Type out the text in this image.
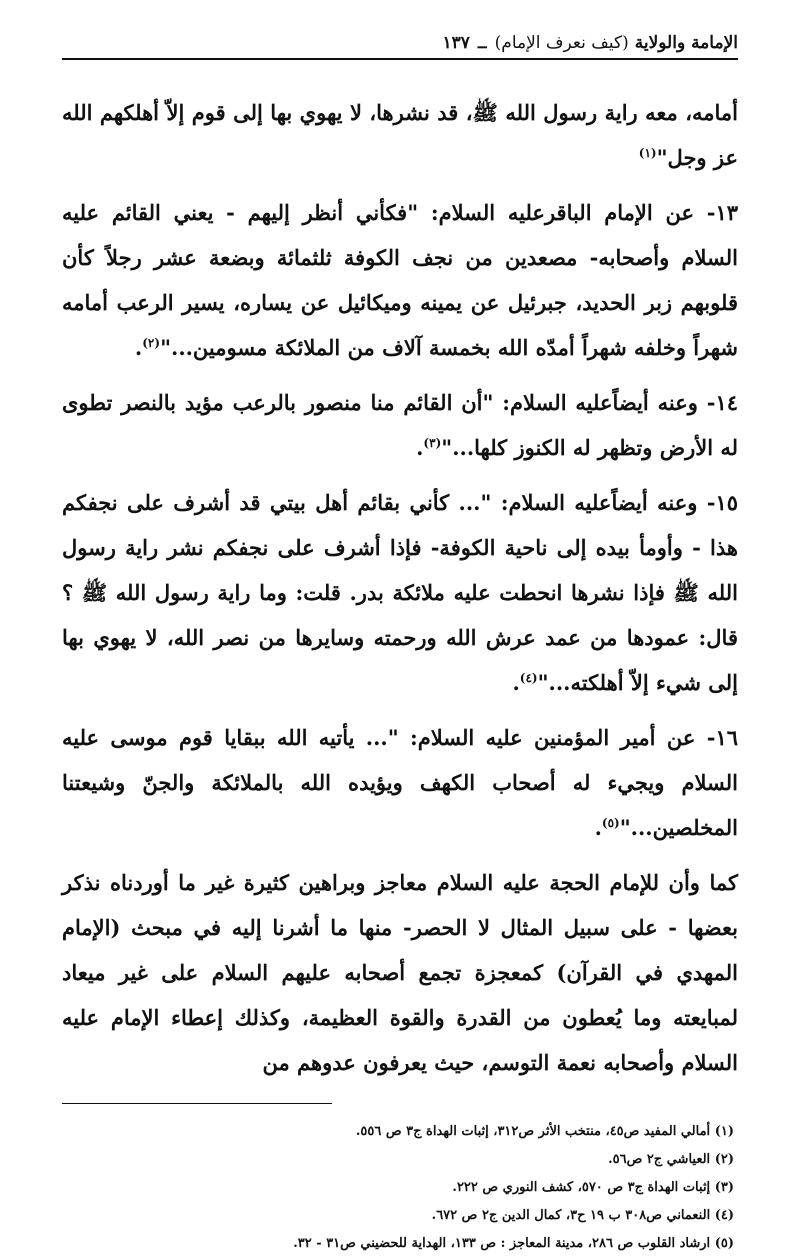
الإمامة والولاية
(كيف نعرف الإمام)
ــ
١٣٧

أمامه، معه راية رسول الله ﷺ، قد نشرها، لا يهوي بها إلى قوم إلاّ أهلكهم الله عز وجل"$^{(١)}$

١٣- عن الإمام الباقرعليه السلام: "فكأني أنظر إليهم - يعني القائم عليه السلام وأصحابه- مصعدين من نجف الكوفة ثلثمائة وبضعة عشر رجلاً كأن قلوبهم زبر الحديد، جبرئيل عن يمينه وميكائيل عن يساره، يسير الرعب أمامه شهراً وخلفه شهراً أمدّه الله بخمسة آلاف من الملائكة مسومين..."$^{(٢)}$.

١٤- وعنه أيضاًعليه السلام: "أن القائم منا منصور بالرعب مؤيد بالنصر تطوى له الأرض وتظهر له الكنوز كلها..."$^{(٣)}$.

١٥- وعنه أيضاًعليه السلام: "... كأني بقائم أهل بيتي قد أشرف على نجفكم هذا - وأومأ بيده إلى ناحية الكوفة- فإذا أشرف على نجفكم نشر راية رسول الله ﷺ فإذا نشرها انحطت عليه ملائكة بدر. قلت: وما راية رسول الله ﷺ ؟ قال: عمودها من عمد عرش الله ورحمته وسايرها من نصر الله، لا يهوي بها إلى شيء إلاّ أهلكته..."$^{(٤)}$.

١٦- عن أمير المؤمنين عليه السلام: "... يأتيه الله ببقايا قوم موسى عليه السلام ويجيء له أصحاب الكهف ويؤيده الله بالملائكة والجنّ وشيعتنا المخلصين..."$^{(٥)}$.

كما وأن للإمام الحجة عليه السلام معاجز وبراهين كثيرة غير ما أوردناه نذكر بعضها - على سبيل المثال لا الحصر- منها ما أشرنا إليه في مبحث (الإمام المهدي في القرآن) كمعجزة تجمع أصحابه عليهم السلام على غير ميعاد لمبايعته وما يُعطون من القدرة والقوة العظيمة، وكذلك إعطاء الإمام عليه السلام وأصحابه نعمة التوسم، حيث يعرفون عدوهم من

(١) أمالي المفيد ص٤٥، منتخب الأثر ص٣١٢، إثبات الهداة ج٣ ص ٥٥٦.
(٢) العياشي ج٢ ص٥٦.
(٣) إثبات الهداة ج٣ ص ٥٧٠، كشف النوري ص ٢٢٢.
(٤) النعماني ص٣٠٨ ب ١٩ ح٣، كمال الدين ج٢ ص ٦٧٢.
(٥) ارشاد القلوب ص ٢٨٦، مدينة المعاجز : ص ١٣٣، الهداية للحضيني ص٣١ - ٣٢.
